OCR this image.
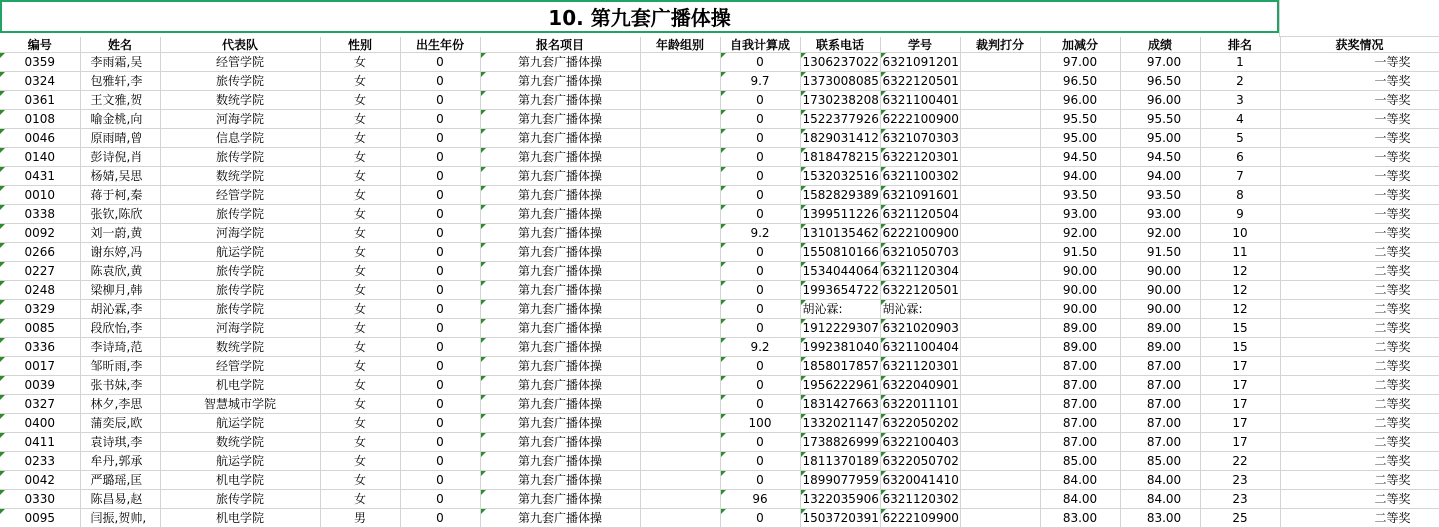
10. 第九套广播体操
编号	姓名	代表队	性别	出生年份	报名项目	年龄组别	自我计算成	联系电话	学号	裁判打分	加减分	成绩	排名	获奖情况
0359	李雨霜,吴	经管学院	女	0	第九套广播体操		0	1306237022	6321091201		97.00	97.00	1	一等奖
0324	包雅轩,李	旅传学院	女	0	第九套广播体操		9.7	1373008085	6322120501		96.50	96.50	2	一等奖
0361	王文雅,贺	数统学院	女	0	第九套广播体操		0	1730238208	6321100401		96.00	96.00	3	一等奖
0108	喻金桃,向	河海学院	女	0	第九套广播体操		0	1522377926	6222100900		95.50	95.50	4	一等奖
0046	原雨晴,曾	信息学院	女	0	第九套广播体操		0	1829031412	6321070303		95.00	95.00	5	一等奖
0140	彭诗倪,肖	旅传学院	女	0	第九套广播体操		0	1818478215	6322120301		94.50	94.50	6	一等奖
0431	杨婧,吴思	数统学院	女	0	第九套广播体操		0	1532032516	6321100302		94.00	94.00	7	一等奖
0010	蒋于柯,秦	经管学院	女	0	第九套广播体操		0	1582829389	6321091601		93.50	93.50	8	一等奖
0338	张钦,陈欣	旅传学院	女	0	第九套广播体操		0	1399511226	6321120504		93.00	93.00	9	一等奖
0092	刘一蔚,黄	河海学院	女	0	第九套广播体操		9.2	1310135462	6222100900		92.00	92.00	10	一等奖
0266	谢东婷,冯	航运学院	女	0	第九套广播体操		0	1550810166	6321050703		91.50	91.50	11	二等奖
0227	陈袁欣,黄	旅传学院	女	0	第九套广播体操		0	1534044064	6321120304		90.00	90.00	12	二等奖
0248	梁柳月,韩	旅传学院	女	0	第九套广播体操		0	1993654722	6322120501		90.00	90.00	12	二等奖
0329	胡沁霖,李	旅传学院	女	0	第九套广播体操		0	胡沁霖:	胡沁霖:		90.00	90.00	12	二等奖
0085	段欣怡,李	河海学院	女	0	第九套广播体操		0	1912229307	6321020903		89.00	89.00	15	二等奖
0336	李诗琦,范	数统学院	女	0	第九套广播体操		9.2	1992381040	6321100404		89.00	89.00	15	二等奖
0017	邹昕雨,李	经管学院	女	0	第九套广播体操		0	1858017857	6321120301		87.00	87.00	17	二等奖
0039	张书妹,李	机电学院	女	0	第九套广播体操		0	1956222961	6322040901		87.00	87.00	17	二等奖
0327	林夕,李思	智慧城市学院	女	0	第九套广播体操		0	1831427663	6322011101		87.00	87.00	17	二等奖
0400	蒲奕辰,欧	航运学院	女	0	第九套广播体操		100	1332021147	6322050202		87.00	87.00	17	二等奖
0411	袁诗琪,李	数统学院	女	0	第九套广播体操		0	1738826999	6322100403		87.00	87.00	17	二等奖
0233	牟丹,郭承	航运学院	女	0	第九套广播体操		0	1811370189	6322050702		85.00	85.00	22	二等奖
0042	严璐瑶,匡	机电学院	女	0	第九套广播体操		0	1899077959	6320041410		84.00	84.00	23	二等奖
0330	陈昌易,赵	旅传学院	女	0	第九套广播体操		96	1322035906	6321120302		84.00	84.00	23	二等奖
0095	闫振,贺帅,	机电学院	男	0	第九套广播体操		0	1503720391	6222109900		83.00	83.00	25	二等奖
